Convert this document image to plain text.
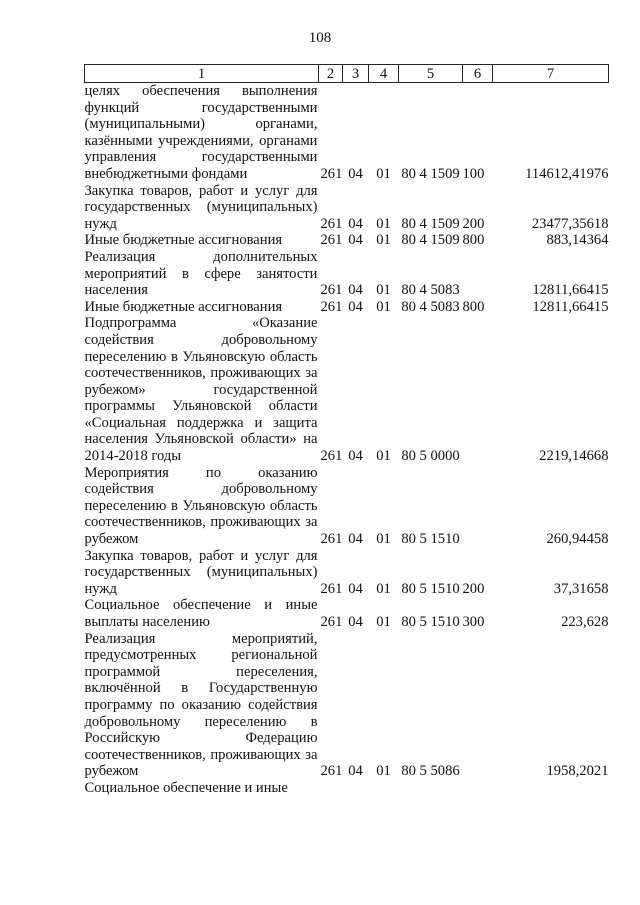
108
1	2	3	4	5	6	7
целях обеспечения выполнения функций государственными (муниципальными) органами, казёнными учреждениями, органами управления государственными внебюджетными фондами	261	04	01	80 4 1509	100	114612,41976
Закупка товаров, работ и услуг для государственных (муниципальных) нужд	261	04	01	80 4 1509	200	23477,35618
Иные бюджетные ассигнования	261	04	01	80 4 1509	800	883,14364
Реализация дополнительных мероприятий в сфере занятости населения	261	04	01	80 4 5083		12811,66415
Иные бюджетные ассигнования	261	04	01	80 4 5083	800	12811,66415
Подпрограмма «Оказание содействия добровольному переселению в Ульяновскую область соотечественников, проживающих за рубежом» государственной программы Ульяновской области «Социальная поддержка и защита населения Ульяновской области» на 2014-2018 годы	261	04	01	80 5 0000		2219,14668
Мероприятия по оказанию содействия добровольному переселению в Ульяновскую область соотечественников, проживающих за рубежом	261	04	01	80 5 1510		260,94458
Закупка товаров, работ и услуг для государственных (муниципальных) нужд	261	04	01	80 5 1510	200	37,31658
Социальное обеспечение и иные выплаты населению	261	04	01	80 5 1510	300	223,628
Реализация мероприятий, предусмотренных региональной программой переселения, включённой в Государственную программу по оказанию содействия добровольному переселению в Российскую Федерацию соотечественников, проживающих за рубежом	261	04	01	80 5 5086		1958,2021
Социальное обеспечение и иные						
